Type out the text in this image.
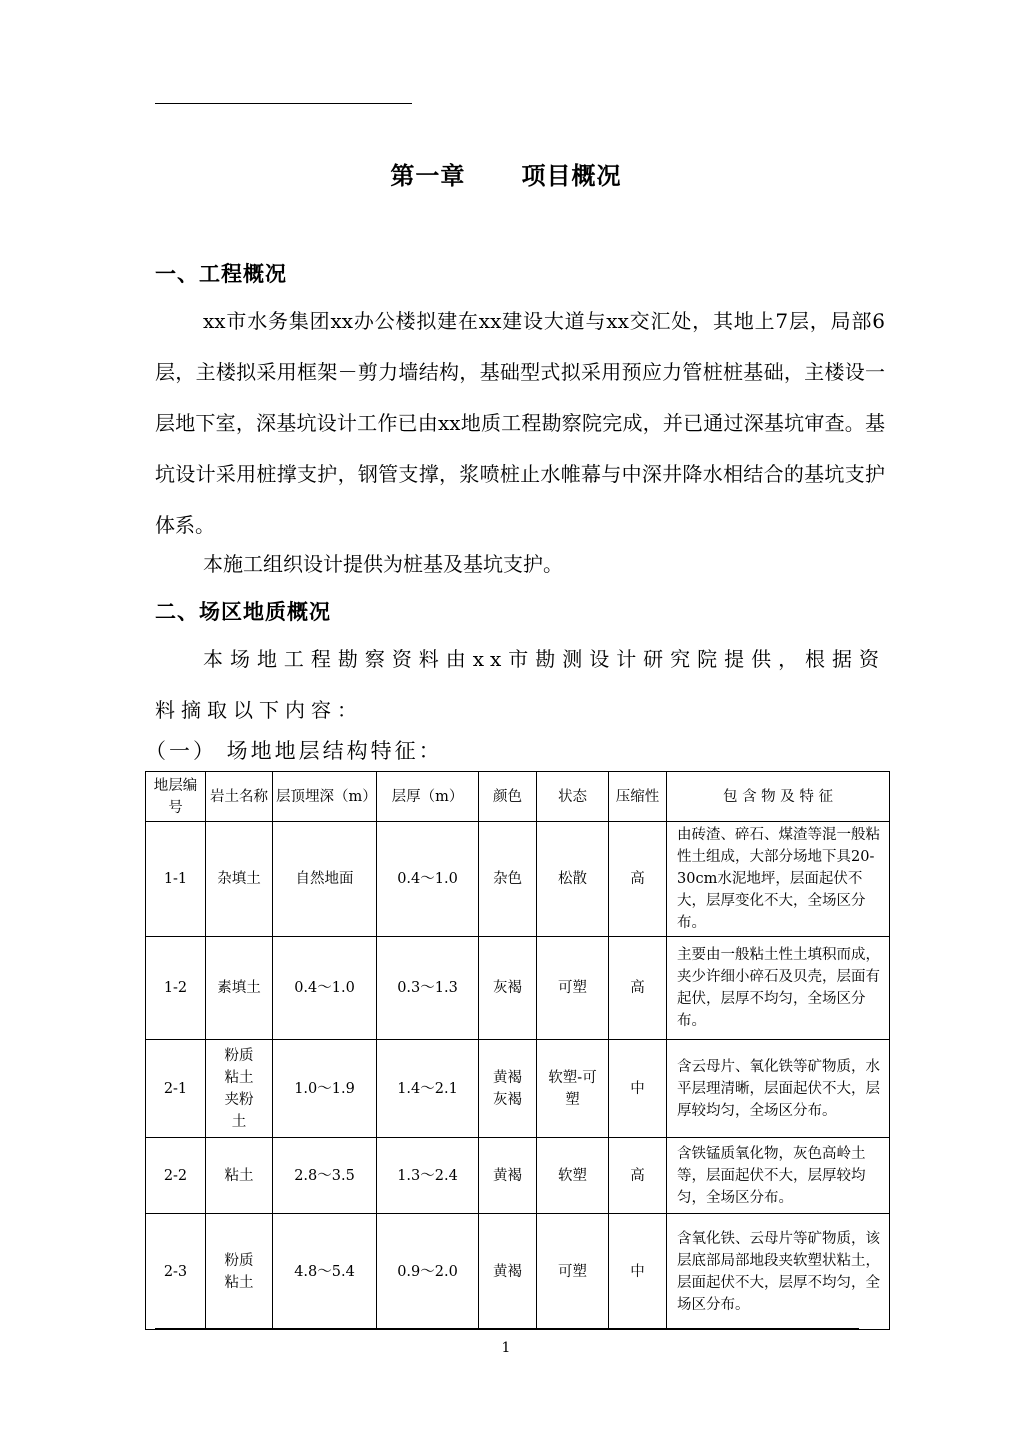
第一章      项目概况
一、工程概况
xx市水务集团xx办公楼拟建在xx建设大道与xx交汇处，其地上7层，局部6层，主楼拟采用框架－剪力墙结构，基础型式拟采用预应力管桩桩基础，主楼设一层地下室，深基坑设计工作已由xx地质工程勘察院完成，并已通过深基坑审查。基坑设计采用桩撑支护，钢管支撑，浆喷桩止水帷幕与中深井降水相结合的基坑支护体系。
本施工组织设计提供为桩基及基坑支护。
二、场区地质概况
本场地工程勘察资料由xx市勘测设计研究院提供，根据资料摘取以下内容：
（一） 场地地层结构特征：
地层编号	岩土名称	层顶埋深（m）	层厚（m）	颜色	状态	压缩性	包 含 物 及 特 征
1-1	杂填土	自然地面	0.4～1.0	杂色	松散	高	由砖渣、碎石、煤渣等混一般粘性土组成，大部分场地下具20-30cm水泥地坪，层面起伏不大，层厚变化不大，全场区分布。
1-2	素填土	0.4～1.0	0.3～1.3	灰褐	可塑	高	主要由一般粘土性土填积而成，夹少许细小碎石及贝壳，层面有起伏，层厚不均匀，全场区分布。
2-1	粉质粘土夹粉土	1.0～1.9	1.4～2.1	黄褐灰褐	软塑-可塑	中	含云母片、氧化铁等矿物质，水平层理清晰，层面起伏不大，层厚较均匀，全场区分布。
2-2	粘土	2.8～3.5	1.3～2.4	黄褐	软塑	高	含铁锰质氧化物，灰色高岭土等，层面起伏不大，层厚较均匀，全场区分布。
2-3	粉质粘土	4.8～5.4	0.9～2.0	黄褐	可塑	中	含氧化铁、云母片等矿物质，该层底部局部地段夹软塑状粘土，层面起伏不大，层厚不均匀，全场区分布。
1
